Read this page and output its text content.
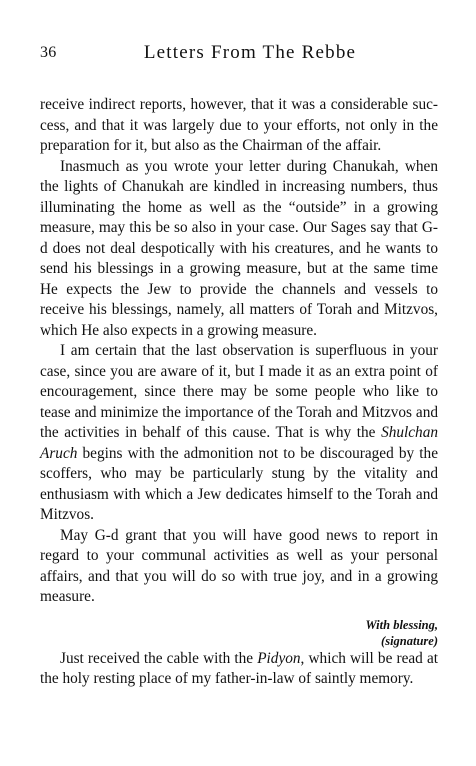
36	Letters From The Rebbe

receive indirect reports, however, that it was a considerable success, and that it was largely due to your efforts, not only in the preparation for it, but also as the Chairman of the affair.

Inasmuch as you wrote your letter during Chanukah, when the lights of Chanukah are kindled in increasing numbers, thus illuminating the home as well as the “outside” in a growing measure, may this be so also in your case. Our Sages say that G-d does not deal despotically with his creatures, and he wants to send his blessings in a growing measure, but at the same time He expects the Jew to provide the channels and vessels to receive his blessings, namely, all matters of Torah and Mitzvos, which He also expects in a growing measure.

I am certain that the last observation is superfluous in your case, since you are aware of it, but I made it as an extra point of encouragement, since there may be some people who like to tease and minimize the importance of the Torah and Mitzvos and the activities in behalf of this cause. That is why the Shulchan Aruch begins with the admonition not to be discouraged by the scoffers, who may be particularly stung by the vitality and enthusiasm with which a Jew dedicates himself to the Torah and Mitzvos.

May G-d grant that you will have good news to report in regard to your communal activities as well as your personal affairs, and that you will do so with true joy, and in a growing measure.

With blessing,
(signature)

Just received the cable with the Pidyon, which will be read at the holy resting place of my father-in-law of saintly memory.
